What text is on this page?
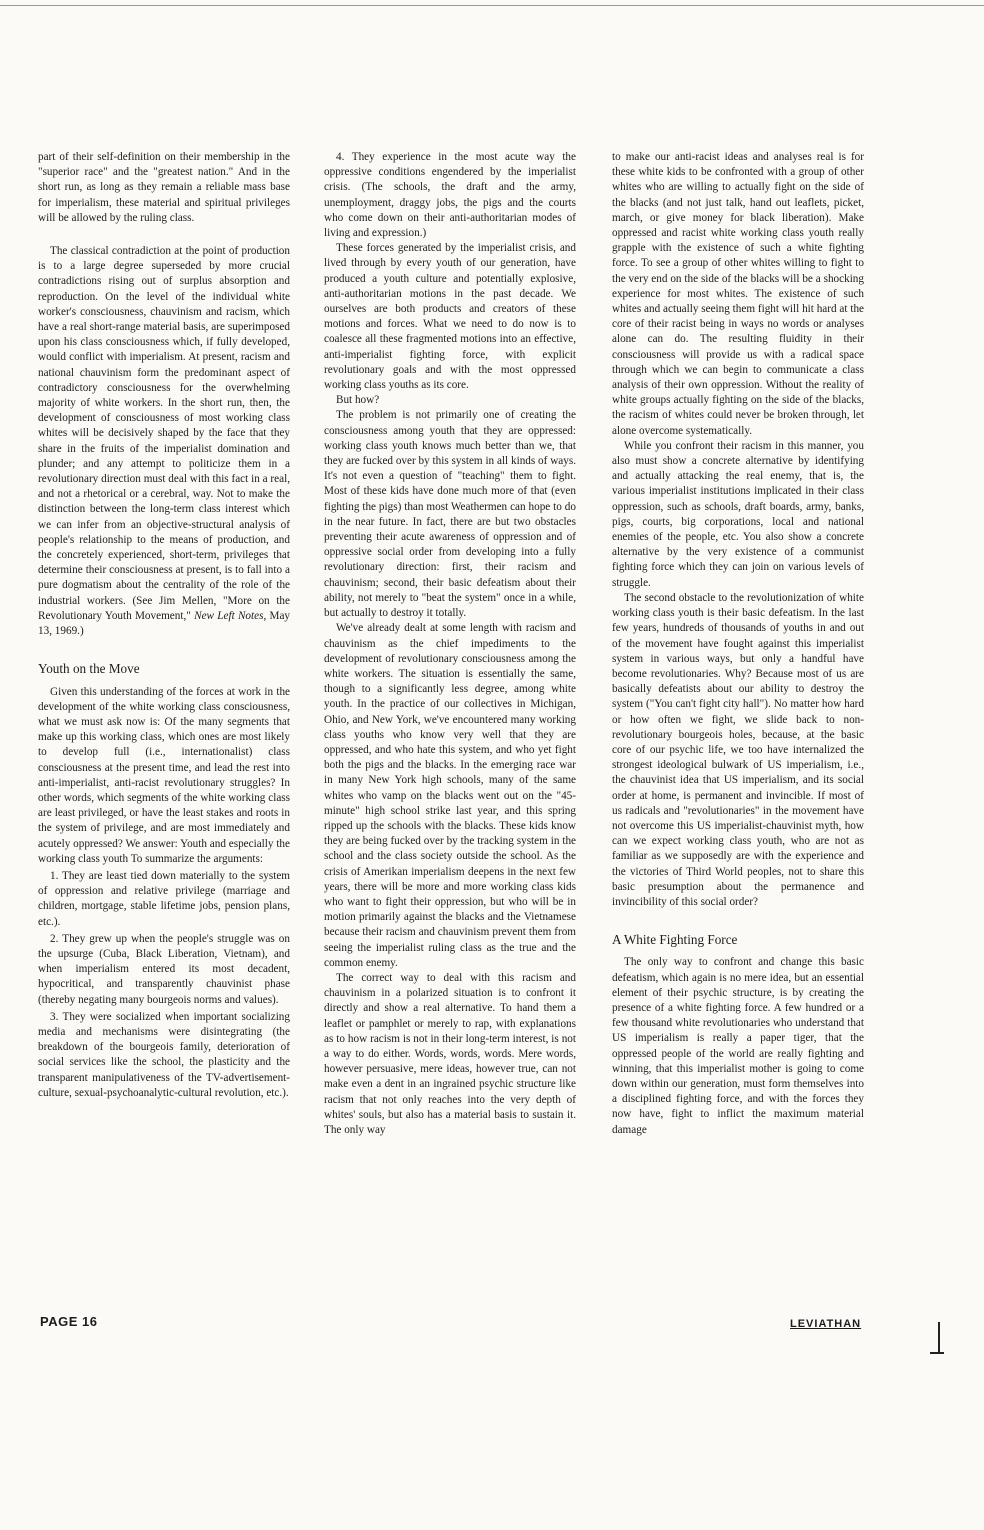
part of their self-definition on their membership in the "superior race" and the "greatest nation." And in the short run, as long as they remain a reliable mass base for imperialism, these material and spiritual privileges will be allowed by the ruling class.

The classical contradiction at the point of production is to a large degree superseded by more crucial contradictions rising out of surplus absorption and reproduction. On the level of the individual white worker's consciousness, chauvinism and racism, which have a real short-range material basis, are superimposed upon his class consciousness which, if fully developed, would conflict with imperialism. At present, racism and national chauvinism form the predominant aspect of contradictory consciousness for the overwhelming majority of white workers. In the short run, then, the development of consciousness of most working class whites will be decisively shaped by the face that they share in the fruits of the imperialist domination and plunder; and any attempt to politicize them in a revolutionary direction must deal with this fact in a real, and not a rhetorical or a cerebral, way. Not to make the distinction between the long-term class interest which we can infer from an objective-structural analysis of people's relationship to the means of production, and the concretely experienced, short-term, privileges that determine their consciousness at present, is to fall into a pure dogmatism about the centrality of the role of the industrial workers. (See Jim Mellen, "More on the Revolutionary Youth Movement," New Left Notes, May 13, 1969.)

Youth on the Move

Given this understanding of the forces at work in the development of the white working class consciousness, what we must ask now is: Of the many segments that make up this working class, which ones are most likely to develop full (i.e., internationalist) class consciousness at the present time, and lead the rest into anti-imperialist, anti-racist revolutionary struggles? In other words, which segments of the white working class are least privileged, or have the least stakes and roots in the system of privilege, and are most immediately and acutely oppressed? We answer: Youth and especially the working class youth To summarize the arguments:

1. They are least tied down materially to the system of oppression and relative privilege (marriage and children, mortgage, stable lifetime jobs, pension plans, etc.).

2. They grew up when the people's struggle was on the upsurge (Cuba, Black Liberation, Vietnam), and when imperialism entered its most decadent, hypocritical, and transparently chauvinist phase (thereby negating many bourgeois norms and values).

3. They were socialized when important socializing media and mechanisms were disintegrating (the breakdown of the bourgeois family, deterioration of social services like the school, the plasticity and the transparent manipulativeness of the TV-advertisement-culture, sexual-psychoanalytic-cultural revolution, etc.).

4. They experience in the most acute way the oppressive conditions engendered by the imperialist crisis. (The schools, the draft and the army, unemployment, draggy jobs, the pigs and the courts who come down on their anti-authoritarian modes of living and expression.)

These forces generated by the imperialist crisis, and lived through by every youth of our generation, have produced a youth culture and potentially explosive, anti-authoritarian motions in the past decade. We ourselves are both products and creators of these motions and forces. What we need to do now is to coalesce all these fragmented motions into an effective, anti-imperialist fighting force, with explicit revolutionary goals and with the most oppressed working class youths as its core.

But how?

The problem is not primarily one of creating the consciousness among youth that they are oppressed: working class youth knows much better than we, that they are fucked over by this system in all kinds of ways. It's not even a question of "teaching" them to fight. Most of these kids have done much more of that (even fighting the pigs) than most Weathermen can hope to do in the near future. In fact, there are but two obstacles preventing their acute awareness of oppression and of oppressive social order from developing into a fully revolutionary direction: first, their racism and chauvinism; second, their basic defeatism about their ability, not merely to "beat the system" once in a while, but actually to destroy it totally.

We've already dealt at some length with racism and chauvinism as the chief impediments to the development of revolutionary consciousness among the white workers. The situation is essentially the same, though to a significantly less degree, among white youth. In the practice of our collectives in Michigan, Ohio, and New York, we've encountered many working class youths who know very well that they are oppressed, and who hate this system, and who yet fight both the pigs and the blacks. In the emerging race war in many New York high schools, many of the same whites who vamp on the blacks went out on the "45-minute" high school strike last year, and this spring ripped up the schools with the blacks. These kids know they are being fucked over by the tracking system in the school and the class society outside the school. As the crisis of Amerikan imperialism deepens in the next few years, there will be more and more working class kids who want to fight their oppression, but who will be in motion primarily against the blacks and the Vietnamese because their racism and chauvinism prevent them from seeing the imperialist ruling class as the true and the common enemy.

The correct way to deal with this racism and chauvinism in a polarized situation is to confront it directly and show a real alternative. To hand them a leaflet or pamphlet or merely to rap, with explanations as to how racism is not in their long-term interest, is not a way to do either. Words, words, words. Mere words, however persuasive, mere ideas, however true, can not make even a dent in an ingrained psychic structure like racism that not only reaches into the very depth of whites' souls, but also has a material basis to sustain it. The only way

to make our anti-racist ideas and analyses real is for these white kids to be confronted with a group of other whites who are willing to actually fight on the side of the blacks (and not just talk, hand out leaflets, picket, march, or give money for black liberation). Make oppressed and racist white working class youth really grapple with the existence of such a white fighting force. To see a group of other whites willing to fight to the very end on the side of the blacks will be a shocking experience for most whites. The existence of such whites and actually seeing them fight will hit hard at the core of their racist being in ways no words or analyses alone can do. The resulting fluidity in their consciousness will provide us with a radical space through which we can begin to communicate a class analysis of their own oppression. Without the reality of white groups actually fighting on the side of the blacks, the racism of whites could never be broken through, let alone overcome systematically.

While you confront their racism in this manner, you also must show a concrete alternative by identifying and actually attacking the real enemy, that is, the various imperialist institutions implicated in their class oppression, such as schools, draft boards, army, banks, pigs, courts, big corporations, local and national enemies of the people, etc. You also show a concrete alternative by the very existence of a communist fighting force which they can join on various levels of struggle.

The second obstacle to the revolutionization of white working class youth is their basic defeatism. In the last few years, hundreds of thousands of youths in and out of the movement have fought against this imperialist system in various ways, but only a handful have become revolutionaries. Why? Because most of us are basically defeatists about our ability to destroy the system ("You can't fight city hall"). No matter how hard or how often we fight, we slide back to non-revolutionary bourgeois holes, because, at the basic core of our psychic life, we too have internalized the strongest ideological bulwark of US imperialism, i.e., the chauvinist idea that US imperialism, and its social order at home, is permanent and invincible. If most of us radicals and "revolutionaries" in the movement have not overcome this US imperialist-chauvinist myth, how can we expect working class youth, who are not as familiar as we supposedly are with the experience and the victories of Third World peoples, not to share this basic presumption about the permanence and invincibility of this social order?

A White Fighting Force

The only way to confront and change this basic defeatism, which again is no mere idea, but an essential element of their psychic structure, is by creating the presence of a white fighting force. A few hundred or a few thousand white revolutionaries who understand that US imperialism is really a paper tiger, that the oppressed people of the world are really fighting and winning, that this imperialist mother is going to come down within our generation, must form themselves into a disciplined fighting force, and with the forces they now have, fight to inflict the maximum material damage

PAGE 16	LEVIATHAN
